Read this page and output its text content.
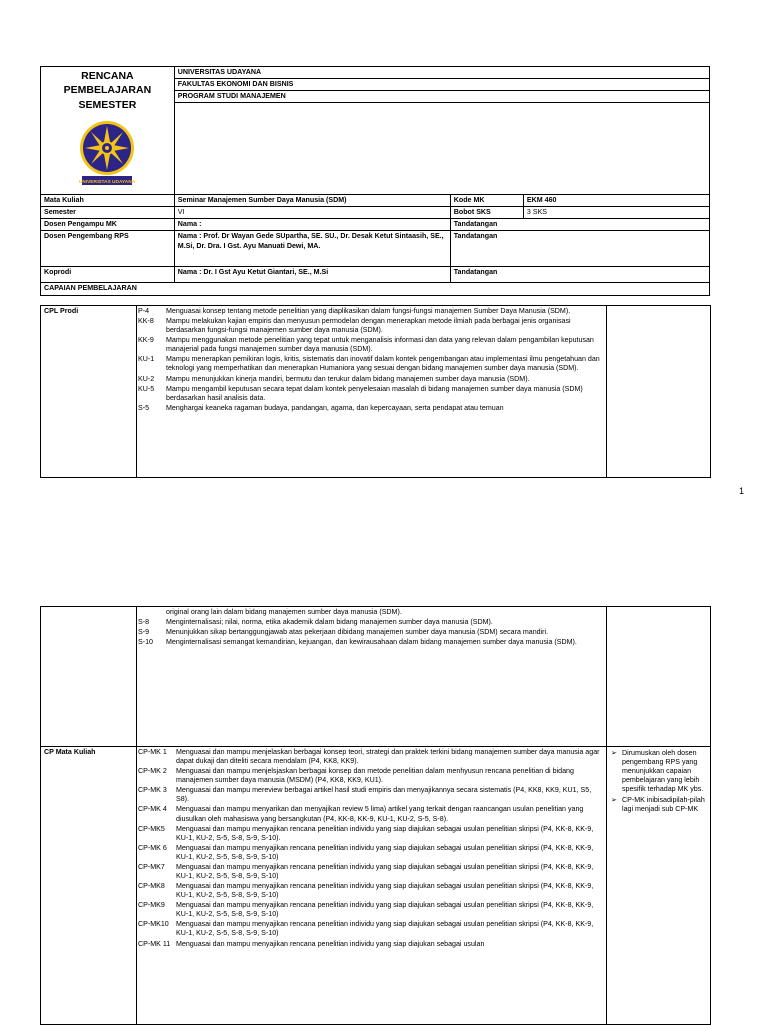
RENCANA
PEMBELAJARAN
SEMESTER
UNIVERSITAS UDAYANA	UNIVERSITAS UDAYANA		
	FAKULTAS EKONOMI DAN BISNIS		
	PROGRAM STUDI MANAJEMEN		

Mata Kuliah	Seminar Manajemen Sumber Daya Manusia (SDM)	Kode MK	EKM 460
Semester	VI	Bobot SKS	3 SKS
Dosen Pengampu MK	Nama :	Tandatangan	
Dosen Pengembang RPS	Nama : Prof. Dr Wayan Gede SUpartha, SE. SU., Dr. Desak Ketut Sintaasih, SE., M.Si, Dr. Dra. I Gst. Ayu Manuati Dewi, MA.	Tandatangan	
Koprodi	Nama : Dr. I Gst Ayu Ketut Giantari, SE., M.Si	Tandatangan	
CAPAIAN PEMBELAJARAN			
CPL Prodi		P-4	Menguasai konsep tentang metode penelitian yang diaplikasikan dalam fungsi-fungsi manajemen Sumber Daya Manusia (SDM).
KK-8	Mampu melakukan kajian empiris dan menyusun permodelan dengan menerapkan metode ilmiah pada berbagai jenis organisasi berdasarkan fungsi-fungsi manajemen sumber daya manusia (SDM).
KK-9	Mampu menggunakan metode penelitian yang tepat untuk menganalisis informasi dan data yang relevan dalam pengambilan keputusan manajerial pada fungsi manajemen sumber daya manusia (SDM).
KU-1	Mampu menerapkan pemikiran logis, kritis, sistematis dan inovatif dalam kontek pengembangan atau implementasi ilmu pengetahuan dan teknologi yang memperhatikan dan menerapkan Humaniora yang sesuai dengan bidang manajemen sumber daya manusia (SDM).
KU-2	Mampu menunjukkan kinerja mandiri, bermutu dan terukur dalam bidang manajemen sumber daya manusia (SDM).
KU-5	Mampu mengambil keputusan secara tepat dalam kontek penyelesaian masalah di bidang manajemen sumber daya manusia (SDM) berdasarkan hasil analisis data.
S-5	Menghargai keaneka ragaman budaya, pandangan, agama, dan kepercayaan, serta pendapat atau temuan

1

	original orang lain dalam bidang manajemen sumber daya manusia (SDM).
S-8	Menginternalisasi; nilai, norma, etika akademik dalam bidang manajemen sumber daya manusia (SDM).
S-9	Menunjukkan sikap bertanggungjawab atas pekerjaan dibidang manajemen sumber daya manusia (SDM) secara mandiri.
S-10	Menginternalisasi semangat kemandirian, kejuangan, dan kewirausahaan dalam bidang manajemen sumber daya manusia (SDM).

CP Mata Kuliah		CP-MK 1	Menguasai dan mampu menjelaskan berbagai konsep teori, strategi dan praktek terkini bidang manajemen sumber daya manusia agar dapat dukaji dan diteliti secara mendalam (P4, KK8, KK9).
CP-MK 2	Menguasai dan mampu menjelsjaskan berbagai konsep dan metode penelitian dalam menhyusun rencana penelitian di bidang manajemen sumber daya manusia (MSDM) (P4, KK8, KK9, KU1).
CP-MK 3	Menguasai dan mampu mereview berbagai artikel hasil studi empiris dan menyajikannya secara sistematis (P4, KK8, KK9, KU1, S5, S8).
CP-MK 4	Menguasai dan mampu menyarikan dan menyajikan review 5 lima) artikel yang terkait dengan raancangan usulan penelitian yang diusulkan oleh mahasiswa yang bersangkutan (P4, KK-8, KK-9, KU-1, KU-2, S-5, S-8).
CP-MK5	Menguasai dan mampu menyajikan rencana penelitian individu yang siap diajukan sebagai usulan penelitian skripsi (P4, KK-8, KK-9, KU-1, KU-2, S-5, S-8, S-9, S-10).
CP-MK 6	Menguasai dan mampu menyajikan rencana penelitian individu yang siap diajukan sebagai usulan penelitian skripsi (P4, KK-8, KK-9, KU-1, KU-2, S-5, S-8, S-9, S-10)
CP-MK7	Menguasai dan mampu menyajikan rencana penelitian individu yang siap diajukan sebagai usulan penelitian skripsi (P4, KK-8, KK-9, KU-1, KU-2, S-5, S-8, S-9, S-10)
CP-MK8	Menguasai dan mampu menyajikan rencana penelitian individu yang siap diajukan sebagai usulan penelitian skripsi (P4, KK-8, KK-9, KU-1, KU-2, S-5, S-8, S-9, S-10)
CP-MK9	Menguasai dan mampu menyajikan rencana penelitian individu yang siap diajukan sebagai usulan penelitian skripsi (P4, KK-8, KK-9, KU-1, KU-2, S-5, S-8, S-9, S-10)
CP-MK10	Menguasai dan mampu menyajikan rencana penelitian individu yang siap diajukan sebagai usulan penelitian skripsi (P4, KK-8, KK-9, KU-1, KU-2, S-5, S-8, S-9, S-10)
CP-MK 11	Menguasai dan mampu menyajikan rencana penelitian individu yang siap diajukan sebagai usulan

➢ Dirumuskan oleh dosen pengembang RPS yang menunjukkan capaian pembelajaran yang lebih spesifik terhadap MK ybs.
➢ CP-MK inibisadipilah-pilah lagi menjadi sub CP-MK
